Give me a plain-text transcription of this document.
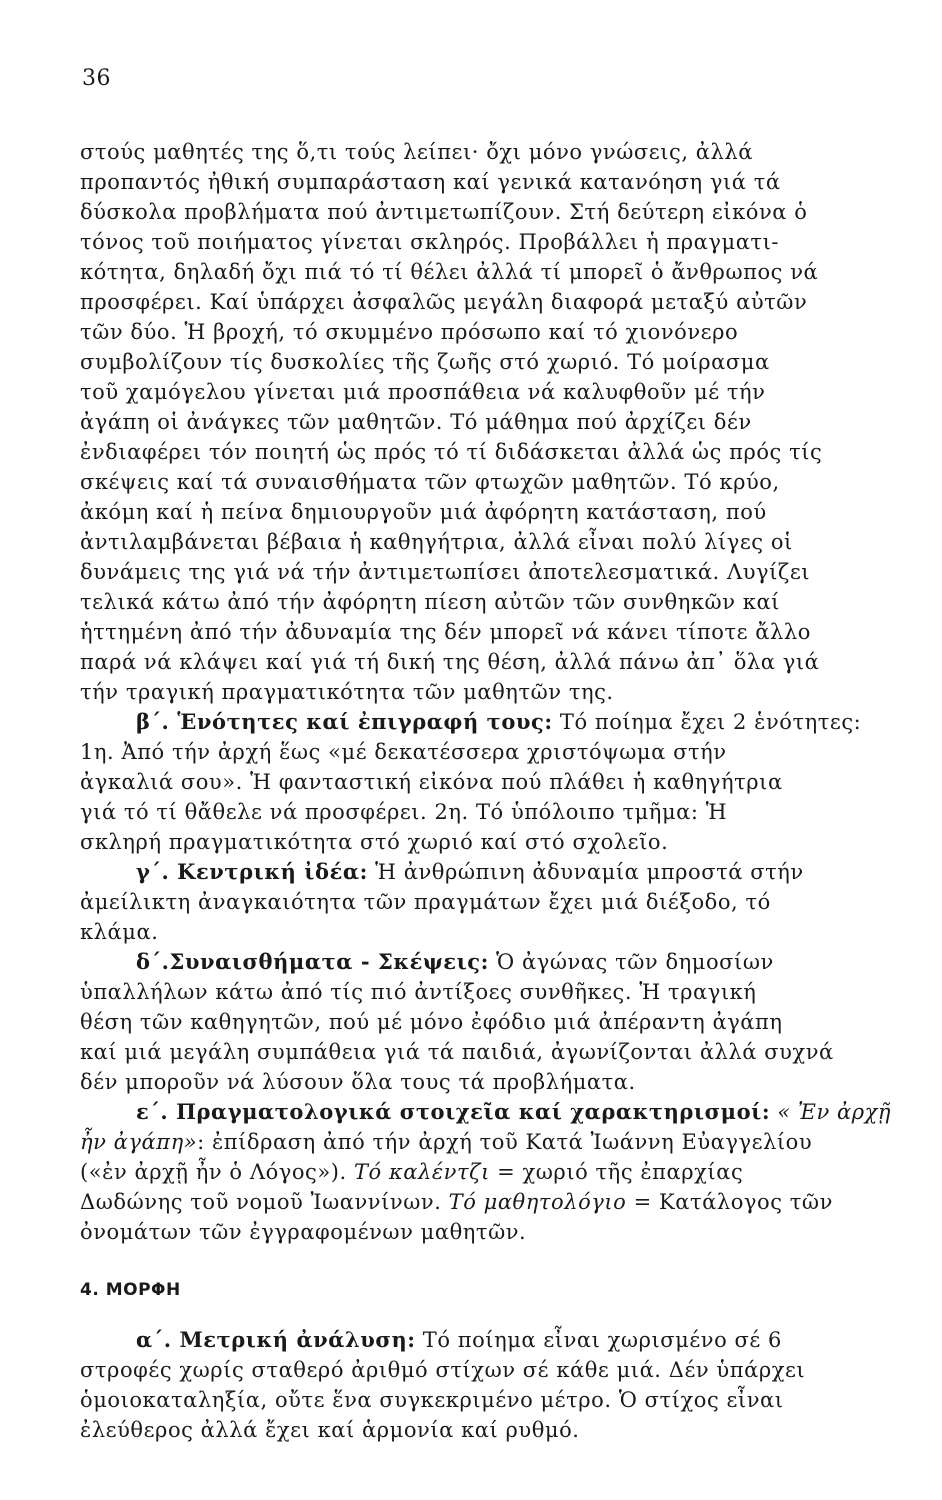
36
στούς μαθητές της ὅ,τι τούς λείπει· ὄχι μόνο γνώσεις, ἀλλά
προπαντός ἠθική συμπαράσταση καί γενικά κατανόηση γιά τά
δύσκολα προβλήματα πού ἀντιμετωπίζουν. Στή δεύτερη εἰκόνα ὁ
τόνος τοῦ ποιήματος γίνεται σκληρός. Προβάλλει ἡ πραγματι-
κότητα, δηλαδή ὄχι πιά τό τί θέλει ἀλλά τί μπορεῖ ὁ ἄνθρωπος νά
προσφέρει. Καί ὑπάρχει ἀσφαλῶς μεγάλη διαφορά μεταξύ αὐτῶν
τῶν δύο. Ἡ βροχή, τό σκυμμένο πρόσωπο καί τό χιονόνερο
συμβολίζουν τίς δυσκολίες τῆς ζωῆς στό χωριό. Τό μοίρασμα
τοῦ χαμόγελου γίνεται μιά προσπάθεια νά καλυφθοῦν μέ τήν
ἀγάπη οἱ ἀνάγκες τῶν μαθητῶν. Τό μάθημα πού ἀρχίζει δέν
ἐνδιαφέρει τόν ποιητή ὡς πρός τό τί διδάσκεται ἀλλά ὡς πρός τίς
σκέψεις καί τά συναισθήματα τῶν φτωχῶν μαθητῶν. Τό κρύο,
ἀκόμη καί ἡ πείνα δημιουργοῦν μιά ἀφόρητη κατάσταση, πού
ἀντιλαμβάνεται βέβαια ἡ καθηγήτρια, ἀλλά εἶναι πολύ λίγες οἱ
δυνάμεις της γιά νά τήν ἀντιμετωπίσει ἀποτελεσματικά. Λυγίζει
τελικά κάτω ἀπό τήν ἀφόρητη πίεση αὐτῶν τῶν συνθηκῶν καί
ἡττημένη ἀπό τήν ἀδυναμία της δέν μπορεῖ νά κάνει τίποτε ἄλλο
παρά νά κλάψει καί γιά τή δική της θέση, ἀλλά πάνω ἀπ᾿ ὅλα γιά
τήν τραγική πραγματικότητα τῶν μαθητῶν της.
β΄. Ἑνότητες καί ἐπιγραφή τους: Τό ποίημα ἔχει 2 ἑνότητες:
1η. Ἀπό τήν ἀρχή ἕως «μέ δεκατέσσερα χριστόψωμα στήν
ἀγκαλιά σου». Ἡ φανταστική εἰκόνα πού πλάθει ἡ καθηγήτρια
γιά τό τί θἄθελε νά προσφέρει. 2η. Τό ὑπόλοιπο τμῆμα: Ἡ
σκληρή πραγματικότητα στό χωριό καί στό σχολεῖο.
γ΄. Κεντρική ἰδέα: Ἡ ἀνθρώπινη ἀδυναμία μπροστά στήν
ἀμείλικτη ἀναγκαιότητα τῶν πραγμάτων ἔχει μιά διέξοδο, τό
κλάμα.
δ΄.Συναισθήματα - Σκέψεις: Ὁ ἀγώνας τῶν δημοσίων
ὑπαλλήλων κάτω ἀπό τίς πιό ἀντίξοες συνθῆκες. Ἡ τραγική
θέση τῶν καθηγητῶν, πού μέ μόνο ἐφόδιο μιά ἀπέραντη ἀγάπη
καί μιά μεγάλη συμπάθεια γιά τά παιδιά, ἀγωνίζονται ἀλλά συχνά
δέν μποροῦν νά λύσουν ὅλα τους τά προβλήματα.
ε΄. Πραγματολογικά στοιχεῖα καί χαρακτηρισμοί: « Ἐν ἀρχῇ
ἦν ἀγάπη»: ἐπίδραση ἀπό τήν ἀρχή τοῦ Κατά Ἰωάννη Εὐαγγελίου
(«ἐν ἀρχῇ ἦν ὁ Λόγος»). Τό καλέντζι = χωριό τῆς ἐπαρχίας
Δωδώνης τοῦ νομοῦ Ἰωαννίνων. Τό μαθητολόγιο = Κατάλογος τῶν
ὀνομάτων τῶν ἐγγραφομένων μαθητῶν.
4. ΜΟΡΦΗ
α΄. Μετρική ἀνάλυση: Τό ποίημα εἶναι χωρισμένο σέ 6
στροφές χωρίς σταθερό ἀριθμό στίχων σέ κάθε μιά. Δέν ὑπάρχει
ὁμοιοκαταληξία, οὔτε ἕνα συγκεκριμένο μέτρο. Ὁ στίχος εἶναι
ἐλεύθερος ἀλλά ἔχει καί ἁρμονία καί ρυθμό.
